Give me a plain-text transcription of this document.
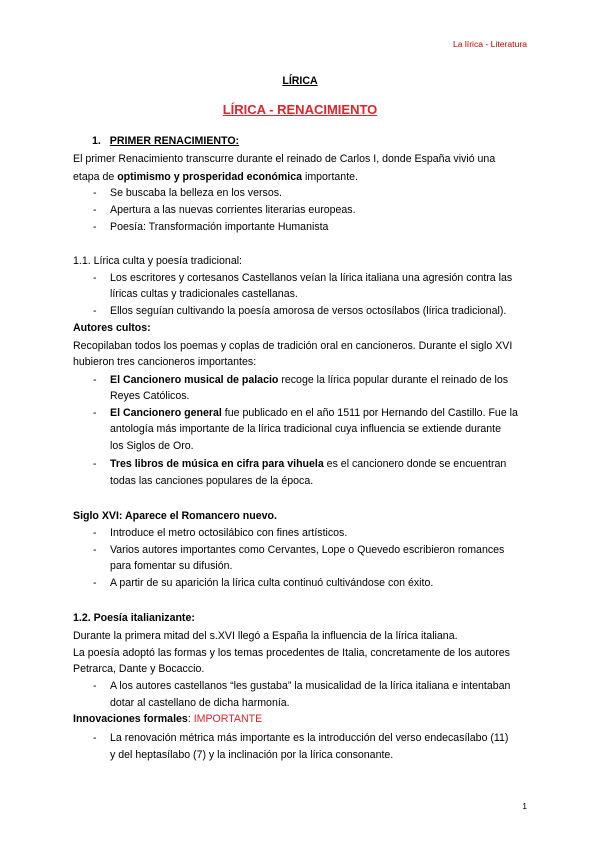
La lírica - Literatura
LÍRICA
LÍRICA - RENACIMIENTO
1. PRIMER RENACIMIENTO:
El primer Renacimiento transcurre durante el reinado de Carlos I, donde España vivió una
etapa de optimismo y prosperidad económica importante.
- Se buscaba la belleza en los versos.
- Apertura a las nuevas corrientes literarias europeas.
- Poesía: Transformación importante Humanista
1.1. Lírica culta y poesía tradicional:
- Los escritores y cortesanos Castellanos veían la lírica italiana una agresión contra las
líricas cultas y tradicionales castellanas.
- Ellos seguían cultivando la poesía amorosa de versos octosílabos (lírica tradicional).
Autores cultos:
Recopilaban todos los poemas y coplas de tradición oral en cancioneros. Durante el siglo XVI
hubieron tres cancioneros importantes:
- El Cancionero musical de palacio recoge la lírica popular durante el reinado de los
Reyes Católicos.
- El Cancionero general fue publicado en el año 1511 por Hernando del Castillo. Fue la
antología más importante de la lírica tradicional cuya influencia se extiende durante
los Siglos de Oro.
- Tres libros de música en cifra para vihuela es el cancionero donde se encuentran
todas las canciones populares de la época.
Siglo XVI: Aparece el Romancero nuevo.
- Introduce el metro octosilábico con fines artísticos.
- Varios autores importantes como Cervantes, Lope o Quevedo escribieron romances
para fomentar su difusión.
- A partir de su aparición la lírica culta continuó cultivándose con éxito.
1.2. Poesía italianizante:
Durante la primera mitad del s.XVI llegó a España la influencia de la lírica italiana.
La poesía adoptó las formas y los temas procedentes de Italia, concretamente de los autores
Petrarca, Dante y Bocaccio.
- A los autores castellanos “les gustaba” la musicalidad de la lírica italiana e intentaban
dotar al castellano de dicha harmonía.
Innovaciones formales: IMPORTANTE
- La renovación métrica más importante es la introducción del verso endecasílabo (11)
y del heptasílabo (7) y la inclinación por la lírica consonante.
1
